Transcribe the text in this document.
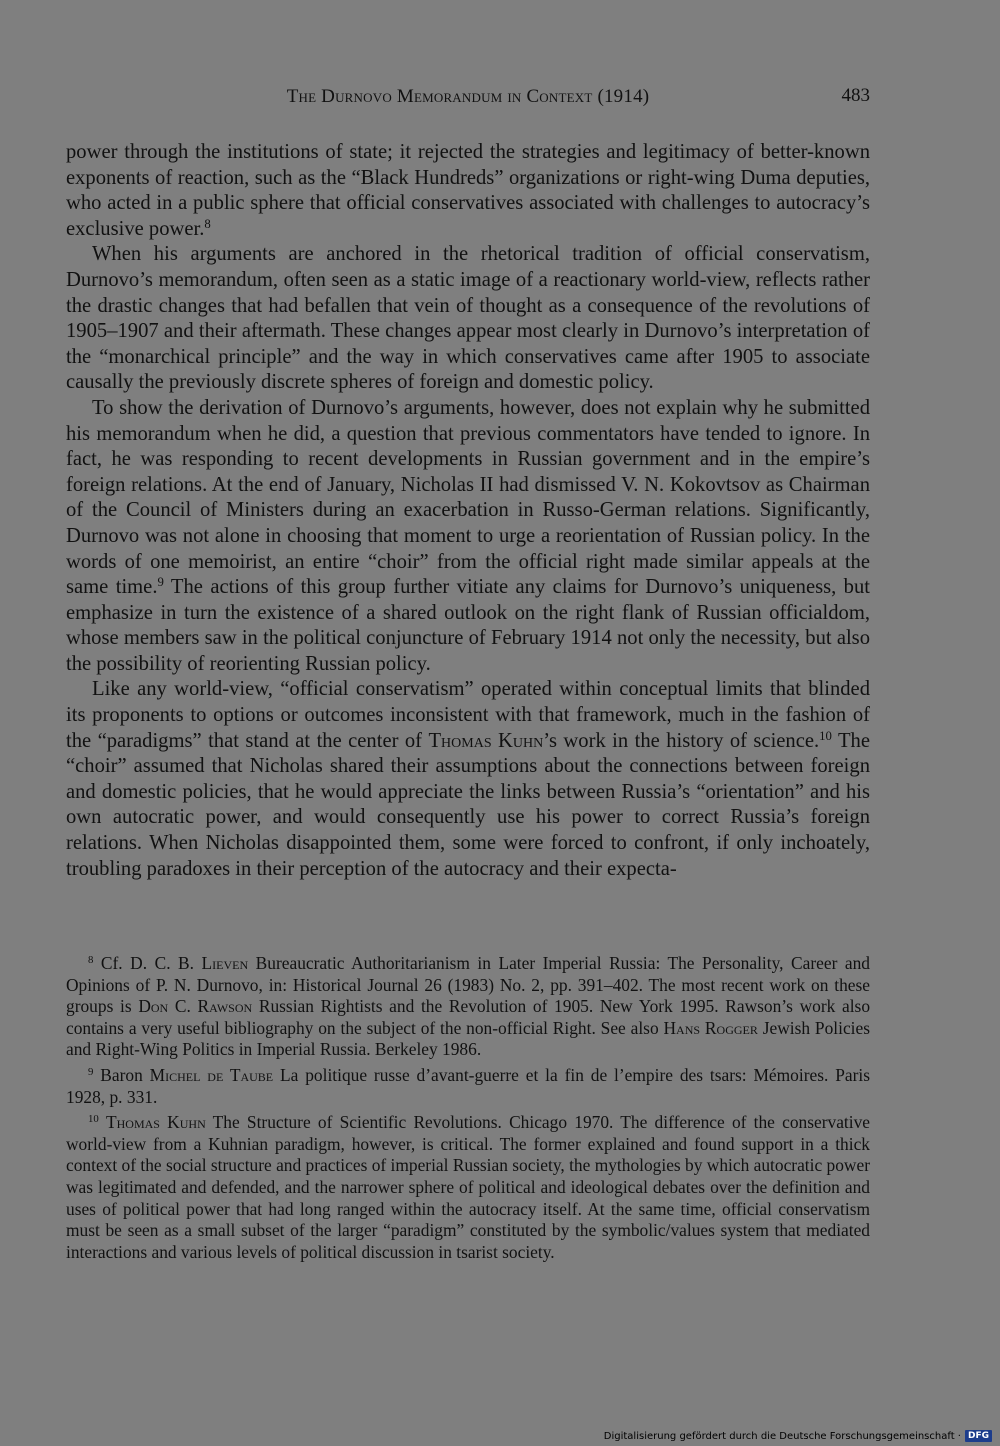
The Durnovo Memorandum in Context (1914)	483

power through the institutions of state; it rejected the strategies and legitimacy of better-known exponents of reaction, such as the “Black Hundreds” organizations or right-wing Duma deputies, who acted in a public sphere that official conservatives associated with challenges to autocracy’s exclusive power.$^8$

When his arguments are anchored in the rhetorical tradition of official conservatism, Durnovo’s memorandum, often seen as a static image of a reactionary world-view, reflects rather the drastic changes that had befallen that vein of thought as a consequence of the revolutions of 1905–1907 and their aftermath. These changes appear most clearly in Durnovo’s interpretation of the “monarchical principle” and the way in which conservatives came after 1905 to associate causally the previously discrete spheres of foreign and domestic policy.

To show the derivation of Durnovo’s arguments, however, does not explain why he submitted his memorandum when he did, a question that previous commentators have tended to ignore. In fact, he was responding to recent developments in Russian government and in the empire’s foreign relations. At the end of January, Nicholas II had dismissed V. N. Kokovtsov as Chairman of the Council of Ministers during an exacerbation in Russo-German relations. Significantly, Durnovo was not alone in choosing that moment to urge a reorientation of Russian policy. In the words of one memoirist, an entire “choir” from the official right made similar appeals at the same time.$^9$ The actions of this group further vitiate any claims for Durnovo’s uniqueness, but emphasize in turn the existence of a shared outlook on the right flank of Russian officialdom, whose members saw in the political conjuncture of February 1914 not only the necessity, but also the possibility of reorienting Russian policy.

Like any world-view, “official conservatism” operated within conceptual limits that blinded its proponents to options or outcomes inconsistent with that framework, much in the fashion of the “paradigms” that stand at the center of Thomas Kuhn’s work in the history of science.$^{10}$ The “choir” assumed that Nicholas shared their assumptions about the connections between foreign and domestic policies, that he would appreciate the links between Russia’s “orientation” and his own autocratic power, and would consequently use his power to correct Russia’s foreign relations. When Nicholas disappointed them, some were forced to confront, if only inchoately, troubling paradoxes in their perception of the autocracy and their expecta-

$^8$ Cf. D. C. B. Lieven Bureaucratic Authoritarianism in Later Imperial Russia: The Personality, Career and Opinions of P. N. Durnovo, in: Historical Journal 26 (1983) No. 2, pp. 391–402. The most recent work on these groups is Don C. Rawson Russian Rightists and the Revolution of 1905. New York 1995. Rawson’s work also contains a very useful bibliography on the subject of the non-official Right. See also Hans Rogger Jewish Policies and Right-Wing Politics in Imperial Russia. Berkeley 1986.

$^9$ Baron Michel de Taube La politique russe d’avant-guerre et la fin de l’empire des tsars: Mémoires. Paris 1928, p. 331.

$^{10}$ Thomas Kuhn The Structure of Scientific Revolutions. Chicago 1970. The difference of the conservative world-view from a Kuhnian paradigm, however, is critical. The former explained and found support in a thick context of the social structure and practices of imperial Russian society, the mythologies by which autocratic power was legitimated and defended, and the narrower sphere of political and ideological debates over the definition and uses of political power that had long ranged within the autocracy itself. At the same time, official conservatism must be seen as a small subset of the larger “paradigm” constituted by the symbolic/values system that mediated interactions and various levels of political discussion in tsarist society.

Digitalisierung gefördert durch die Deutsche Forschungsgemeinschaft · DFG
